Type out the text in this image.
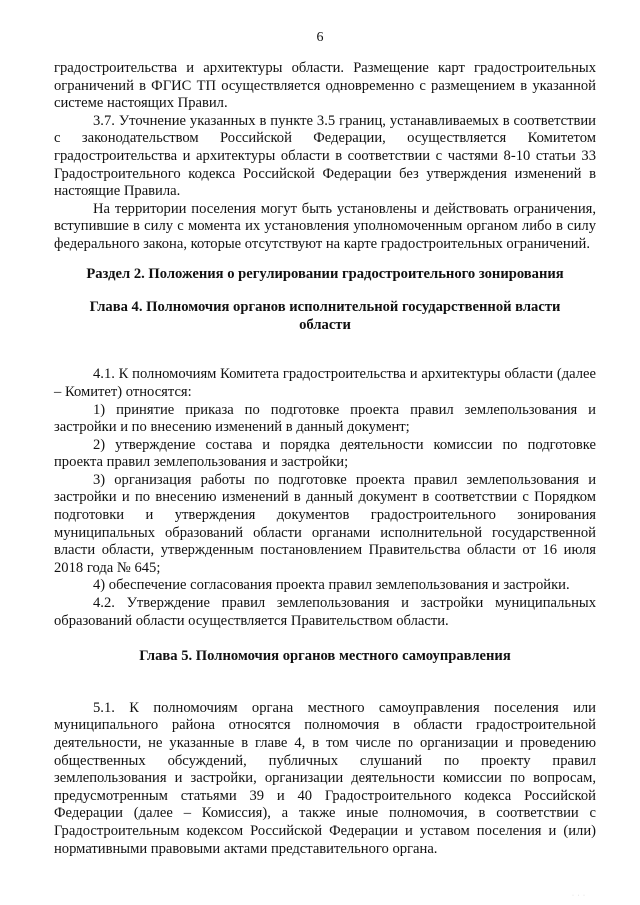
6

градостроительства и архитектуры области. Размещение карт градостроительных ограничений в ФГИС ТП осуществляется одновременно с размещением в указанной системе настоящих Правил.

3.7. Уточнение указанных в пункте 3.5 границ, устанавливаемых в соответствии с законодательством Российской Федерации, осуществляется Комитетом градостроительства и архитектуры области в соответствии с частями 8-10 статьи 33 Градостроительного кодекса Российской Федерации без утверждения изменений в настоящие Правила.

На территории поселения могут быть установлены и действовать ограничения, вступившие в силу с момента их установления уполномоченным органом либо в силу федерального закона, которые отсутствуют на карте градостроительных ограничений.

Раздел 2. Положения о регулировании градостроительного зонирования

Глава 4. Полномочия органов исполнительной государственной власти области

4.1. К полномочиям Комитета градостроительства и архитектуры области (далее – Комитет) относятся:

1) принятие приказа по подготовке проекта правил землепользования и застройки и по внесению изменений в данный документ;

2) утверждение состава и порядка деятельности комиссии по подготовке проекта правил землепользования и застройки;

3) организация работы по подготовке проекта правил землепользования и застройки и по внесению изменений в данный документ в соответствии с Порядком подготовки и утверждения документов градостроительного зонирования муниципальных образований области органами исполнительной государственной власти области, утвержденным постановлением Правительства области от 16 июля 2018 года № 645;

4) обеспечение согласования проекта правил землепользования и застройки.

4.2. Утверждение правил землепользования и застройки муниципальных образований области осуществляется Правительством области.

Глава 5. Полномочия органов местного самоуправления

5.1. К полномочиям органа местного самоуправления поселения или муниципального района относятся полномочия в области градостроительной деятельности, не указанные в главе 4, в том числе по организации и проведению общественных обсуждений, публичных слушаний по проекту правил землепользования и застройки, организации деятельности комиссии по вопросам, предусмотренным статьями 39 и 40 Градостроительного кодекса Российской Федерации (далее – Комиссия), а также иные полномочия, в соответствии с Градостроительным кодексом Российской Федерации и уставом поселения и (или) нормативными правовыми актами представительного органа.

· · ·
